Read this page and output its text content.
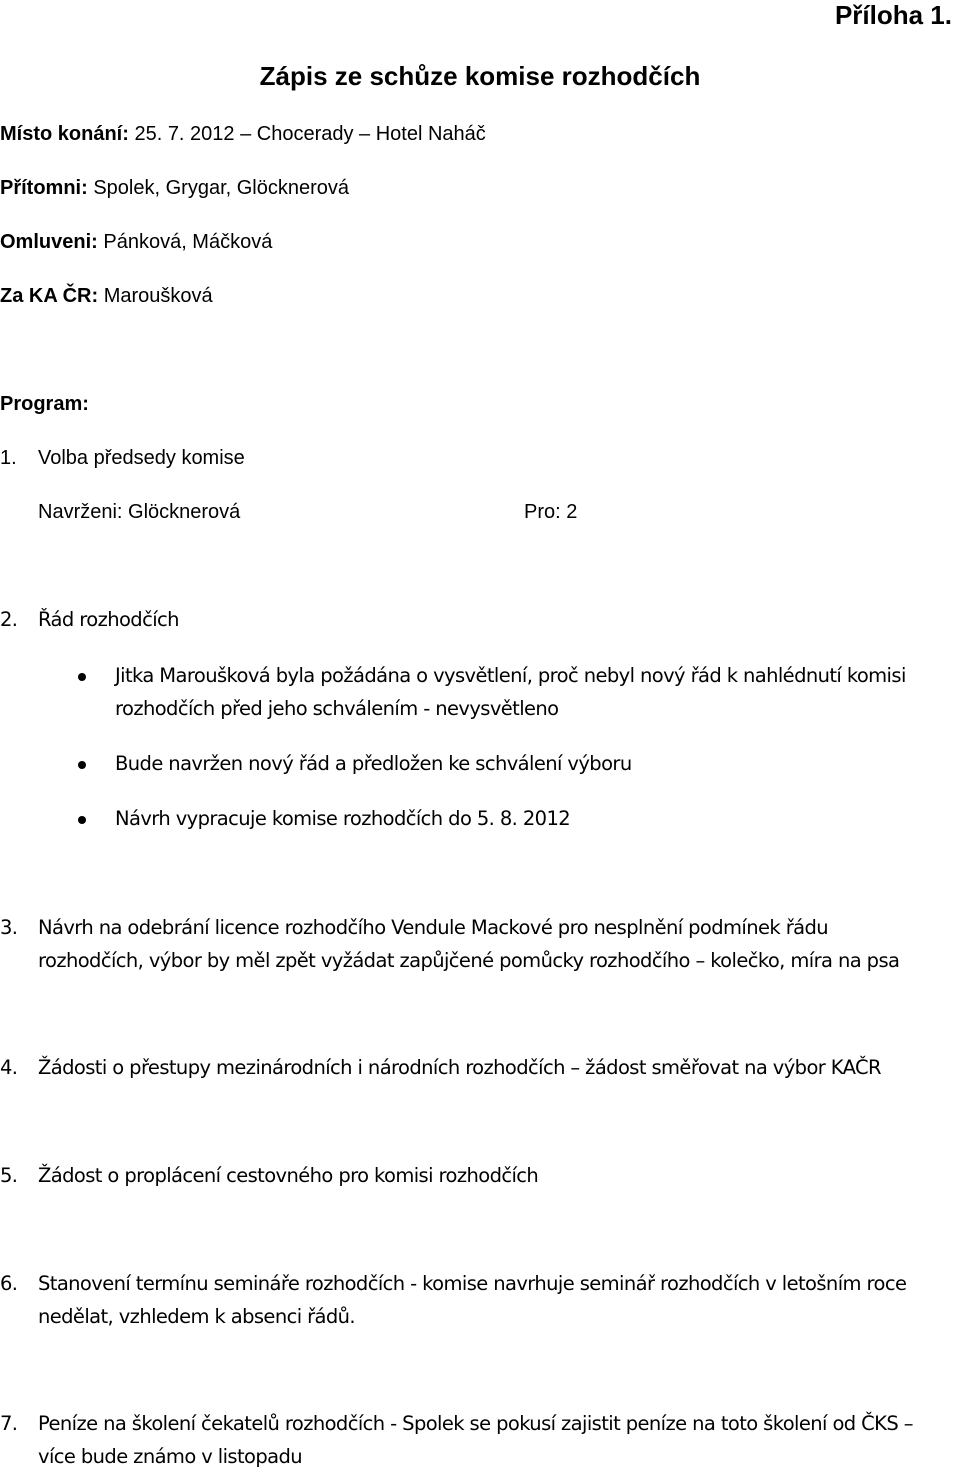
Příloha 1.
Zápis ze schůze komise rozhodčích
Místo konání: 25. 7. 2012 – Chocerady – Hotel Naháč
Přítomni: Spolek, Grygar, Glöcknerová
Omluveni: Pánková, Máčková
Za KA ČR: Maroušková
Program:
1. Volba předsedy komise
Navrženi: Glöcknerová	Pro: 2
2. Řád rozhodčích
Jitka Maroušková byla požádána o vysvětlení, proč nebyl nový řád k nahlédnutí komisi
rozhodčích před jeho schválením - nevysvětleno
Bude navržen nový řád a předložen ke schválení výboru
Návrh vypracuje komise rozhodčích do 5. 8. 2012
3. Návrh na odebrání licence rozhodčího Vendule Mackové pro nesplnění podmínek řádu
rozhodčích, výbor by měl zpět vyžádat zapůjčené pomůcky rozhodčího – kolečko, míra na psa
4. Žádosti o přestupy mezinárodních i národních rozhodčích – žádost směřovat na výbor KAČR
5. Žádost o proplácení cestovného pro komisi rozhodčích
6. Stanovení termínu semináře rozhodčích - komise navrhuje seminář rozhodčích v letošním roce
nedělat, vzhledem k absenci řádů.
7. Peníze na školení čekatelů rozhodčích - Spolek se pokusí zajistit peníze na toto školení od ČKS –
více bude známo v listopadu
